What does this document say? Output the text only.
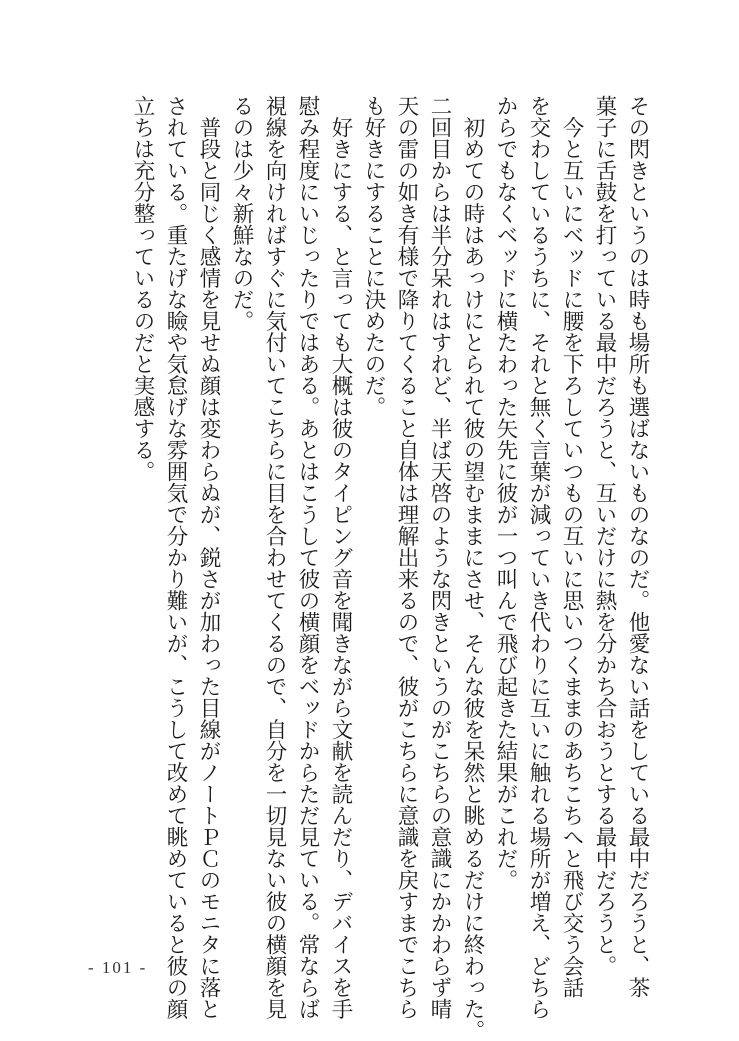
その閃きというのは時も場所も選ばないものなのだ。他愛ない話をしている最中だろうと、茶
菓子に舌鼓を打っている最中だろうと、互いだけに熱を分かち合おうとする最中だろうと。
　今と互いにベッドに腰を下ろしていつもの互いに思いつくままのあちこちへと飛び交う会話
を交わしているうちに、それと無く言葉が減っていき代わりに互いに触れる場所が増え、どちら
からでもなくベッドに横たわった矢先に彼が一つ叫んで飛び起きた結果がこれだ。
　初めての時はあっけにとられて彼の望むままにさせ、そんな彼を呆然と眺めるだけに終わった。
二回目からは半分呆れはすれど、半ば天啓のような閃きというのがこちらの意識にかかわらず晴
天の雷の如き有様で降りてくること自体は理解出来るので、彼がこちらに意識を戻すまでこちら
も好きにすることに決めたのだ。
　好きにする、と言っても大概は彼のタイピング音を聞きながら文献を読んだり、デバイスを手
慰み程度にいじったりではある。あとはこうして彼の横顔をベッドからただ見ている。常ならば
視線を向ければすぐに気付いてこちらに目を合わせてくるので、自分を一切見ない彼の横顔を見
るのは少々新鮮なのだ。
　普段と同じく感情を見せぬ顔は変わらぬが、鋭さが加わった目線がノートＰＣのモニタに落と
されている。重たげな瞼や気怠げな雰囲気で分かり難いが、こうして改めて眺めていると彼の顔
立ちは充分整っているのだと実感する。
- 101 -
